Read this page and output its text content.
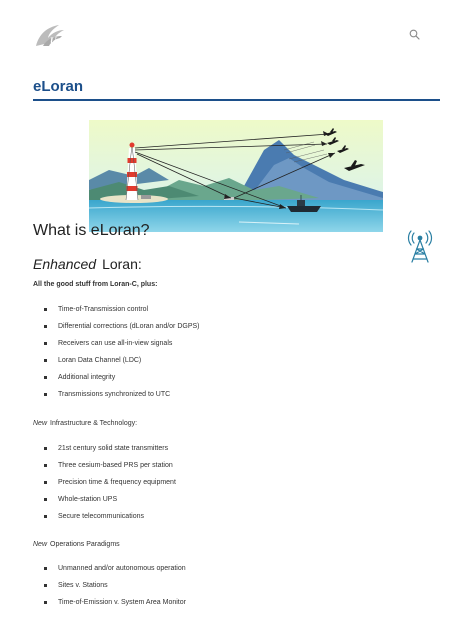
UrsaNav
eLoran
What is eLoran?
Enhanced Loran:

All the good stuff from Loran-C, plus:

Time-of-Transmission control
Differential corrections (dLoran and/or DGPS)
Receivers can use all-in-view signals
Loran Data Channel (LDC)
Additional integrity
Transmissions synchronized to UTC

New Infrastructure & Technology:

21st century solid state transmitters
Three cesium-based PRS per station
Precision time & frequency equipment
Whole-station UPS
Secure telecommunications

New Operations Paradigms

Unmanned and/or autonomous operation
Sites v. Stations
Time-of-Emission v. System Area Monitor
